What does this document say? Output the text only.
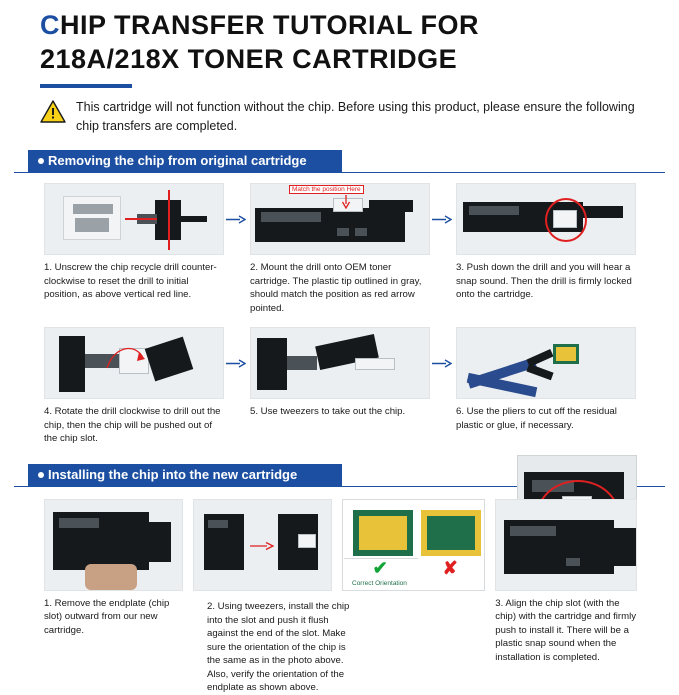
CHIP TRANSFER TUTORIAL FOR
218A/218X TONER CARTRIDGE
This cartridge will not function without the chip. Before using this product, please ensure the following chip transfers are completed.
Removing the chip from original cartridge
1. Unscrew the chip recycle drill counter-clockwise to reset the drill to initial position, as above vertical red line.
Match the position Here
2. Mount the drill onto OEM toner cartridge. The plastic tip outlined in gray, should match the position as red arrow pointed.
3. Push down the drill and you will hear a snap sound. Then the drill is firmly locked onto the cartridge.
4. Rotate the drill clockwise to drill out the chip, then the chip will be pushed out of the chip slot.
5. Use tweezers to take out the chip.	6. Use the pliers to cut off the residual plastic or glue, if necessary.
Installing the chip into the new cartridge
1. Remove the endplate (chip slot) outward from our new cartridge.
✔	✘
Correct Orientation
3. Align the chip slot (with the chip) with the cartridge and firmly push to install it. There will be a plastic snap sound when the installation is completed.
2. Using tweezers, install the chip into the slot and push it flush against the end of the slot. Make sure the orientation of the chip is the same as in the photo above. Also, verify the orientation of the endplate as shown above.
